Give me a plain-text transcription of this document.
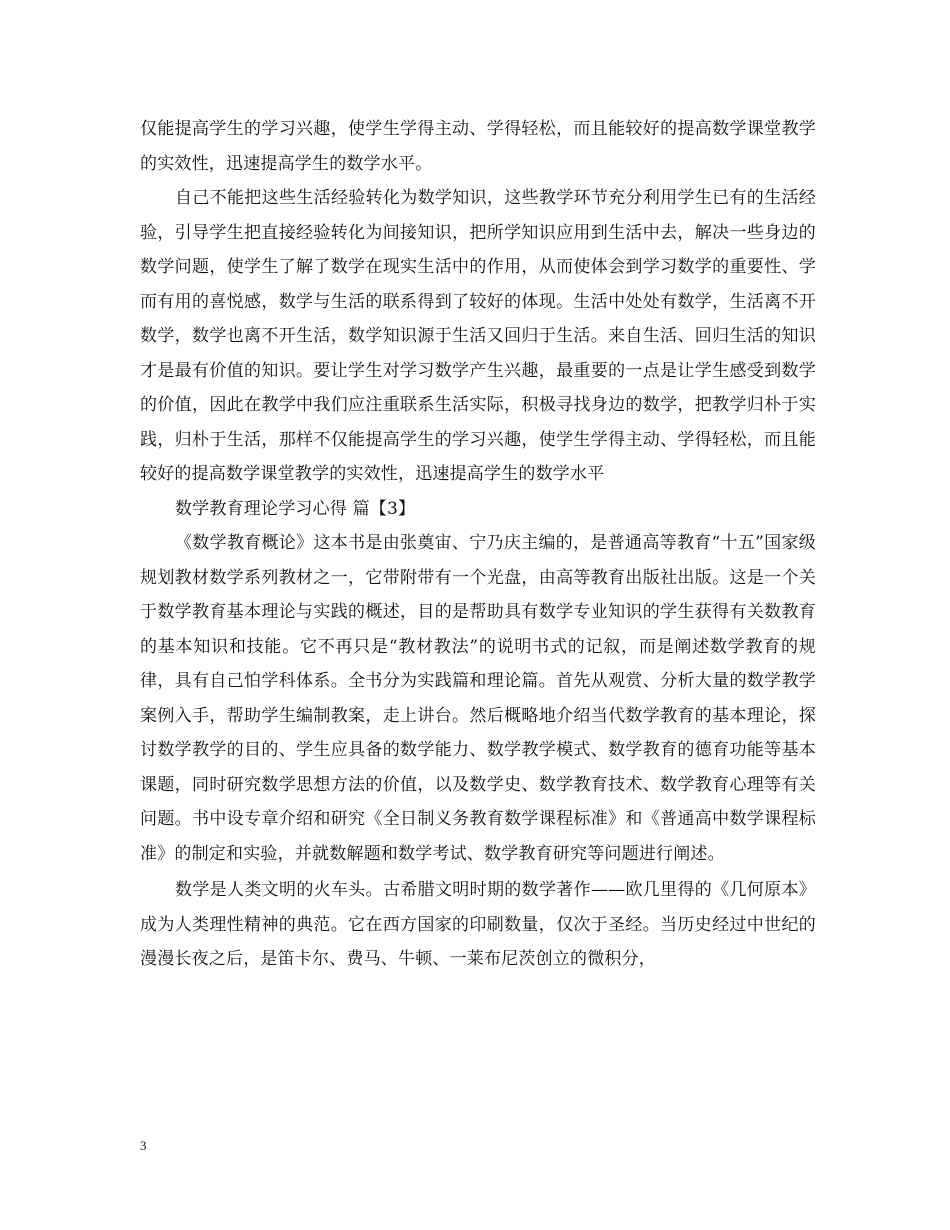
仅能提高学生的学习兴趣，使学生学得主动、学得轻松，而且能较好的提高数学课堂教学的实效性，迅速提高学生的数学水平。

自己不能把这些生活经验转化为数学知识，这些教学环节充分利用学生已有的生活经验，引导学生把直接经验转化为间接知识，把所学知识应用到生活中去，解决一些身边的数学问题，使学生了解了数学在现实生活中的作用，从而使体会到学习数学的重要性、学而有用的喜悦感，数学与生活的联系得到了较好的体现。生活中处处有数学，生活离不开数学，数学也离不开生活，数学知识源于生活又回归于生活。来自生活、回归生活的知识才是最有价值的知识。要让学生对学习数学产生兴趣，最重要的一点是让学生感受到数学的价值，因此在教学中我们应注重联系生活实际，积极寻找身边的数学，把教学归朴于实践，归朴于生活，那样不仅能提高学生的学习兴趣，使学生学得主动、学得轻松，而且能较好的提高数学课堂教学的实效性，迅速提高学生的数学水平

数学教育理论学习心得 篇【3】

《数学教育概论》这本书是由张奠宙、宁乃庆主编的，是普通高等教育“十五”国家级规划教材数学系列教材之一，它带附带有一个光盘，由高等教育出版社出版。这是一个关于数学教育基本理论与实践的概述，目的是帮助具有数学专业知识的学生获得有关数教育的基本知识和技能。它不再只是“教材教法”的说明书式的记叙，而是阐述数学教育的规律，具有自己怕学科体系。全书分为实践篇和理论篇。首先从观赏、分析大量的数学教学案例入手，帮助学生编制教案，走上讲台。然后概略地介绍当代数学教育的基本理论，探讨数学教学的目的、学生应具备的数学能力、数学教学模式、数学教育的德育功能等基本课题，同时研究数学思想方法的价值，以及数学史、数学教育技术、数学教育心理等有关问题。书中设专章介绍和研究《全日制义务教育数学课程标准》和《普通高中数学课程标准》的制定和实验，并就数解题和数学考试、数学教育研究等问题进行阐述。

数学是人类文明的火车头。古希腊文明时期的数学著作——欧几里得的《几何原本》成为人类理性精神的典范。它在西方国家的印刷数量，仅次于圣经。当历史经过中世纪的漫漫长夜之后，是笛卡尔、费马、牛顿、一莱布尼茨创立的微积分，

3
